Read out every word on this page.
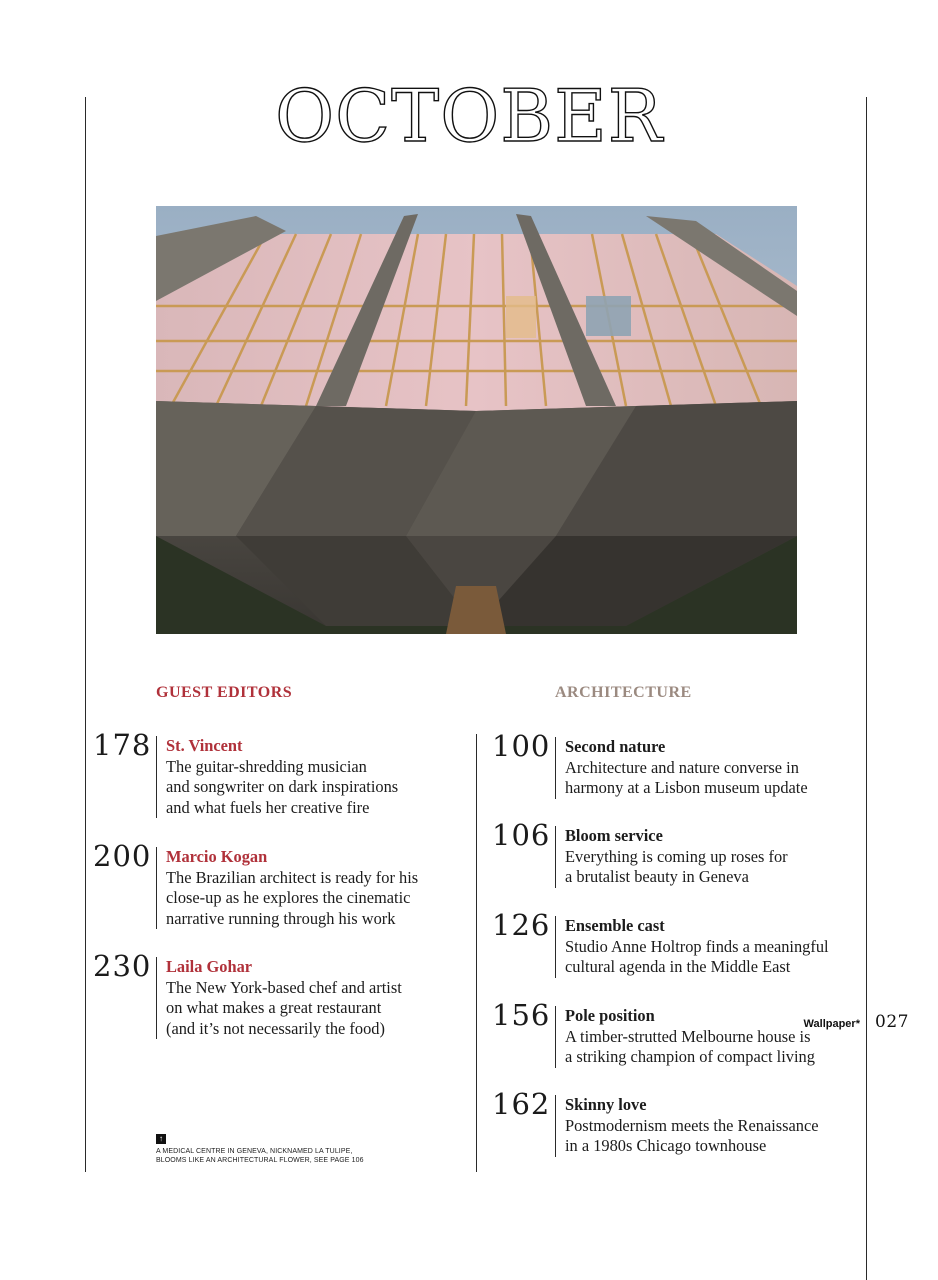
OCTOBER
GUEST EDITORS	ARCHITECTURE
178 St. Vincent
The guitar-shredding musician
and songwriter on dark inspirations
and what fuels her creative fire
200 Marcio Kogan
The Brazilian architect is ready for his
close-up as he explores the cinematic
narrative running through his work
230 Laila Gohar
The New York-based chef and artist
on what makes a great restaurant
(and it’s not necessarily the food)
100 Second nature
Architecture and nature converse in
harmony at a Lisbon museum update
106 Bloom service
Everything is coming up roses for
a brutalist beauty in Geneva
126 Ensemble cast
Studio Anne Holtrop finds a meaningful
cultural agenda in the Middle East
156 Pole position
A timber-strutted Melbourne house is
a striking champion of compact living
162 Skinny love
Postmodernism meets the Renaissance
in a 1980s Chicago townhouse
↑
A MEDICAL CENTRE IN GENEVA, NICKNAMED LA TULIPE,
BLOOMS LIKE AN ARCHITECTURAL FLOWER, SEE PAGE 106
Wallpaper* 027
